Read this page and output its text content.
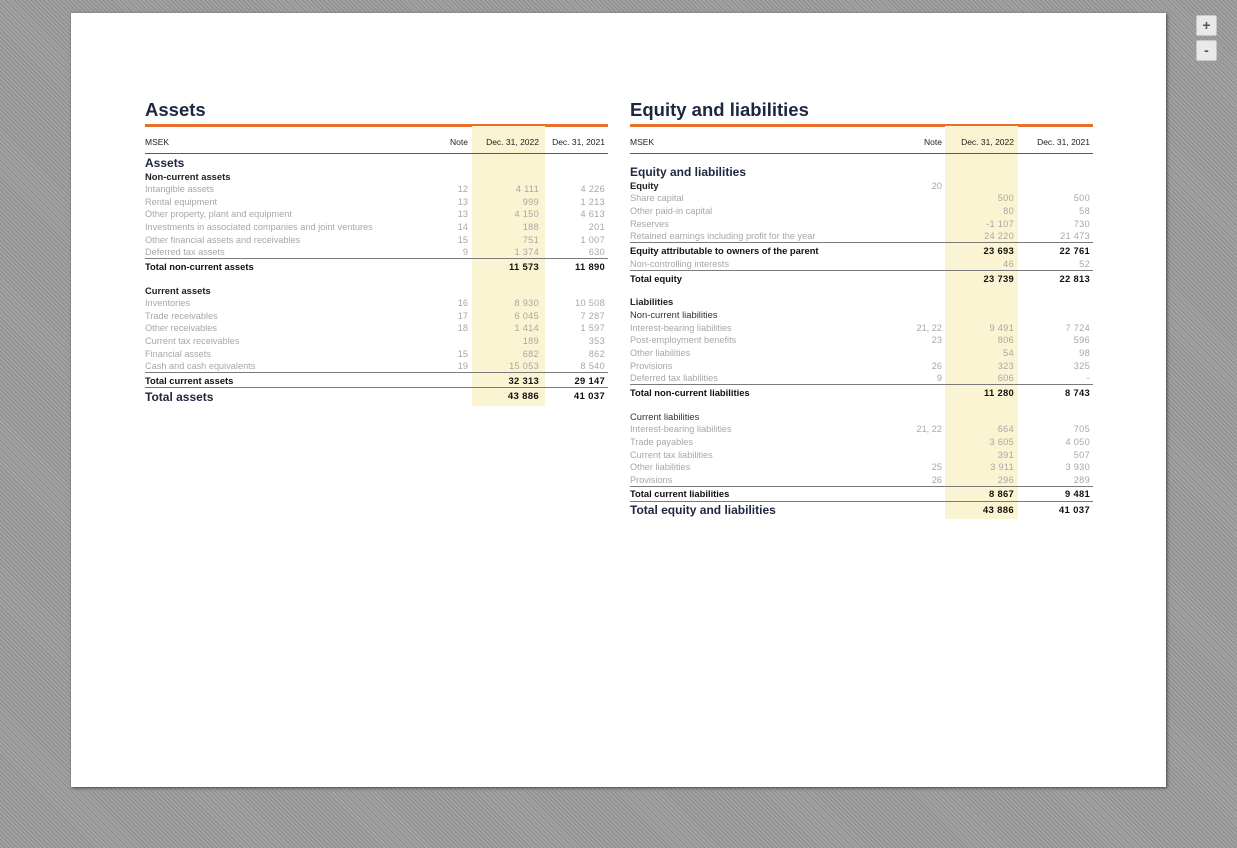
+
-
Assets
MSEK	Note	Dec. 31, 2022	Dec. 31, 2021
Assets			
Non-current assets			
Intangible assets	12	4 111	4 226
Rental equipment	13	999	1 213
Other property, plant and equipment	13	4 150	4 613
Investments in associated companies and joint ventures	14	188	201
Other financial assets and receivables	15	751	1 007
Deferred tax assets	9	1 374	630
Total non-current assets		11 573	11 890

Current assets			
Inventories	16	8 930	10 508
Trade receivables	17	6 045	7 287
Other receivables	18	1 414	1 597
Current tax receivables		189	353
Financial assets	15	682	862
Cash and cash equivalents	19	15 053	8 540
Total current assets		32 313	29 147
Total assets		43 886	41 037
Equity and liabilities
MSEK	Note	Dec. 31, 2022	Dec. 31, 2021

Equity and liabilities			
Equity	20		
Share capital		500	500
Other paid-in capital		80	58
Reserves		-1 107	730
Retained earnings including profit for the year		24 220	21 473
Equity attributable to owners of the parent		23 693	22 761
Non-controlling interests		46	52
Total equity		23 739	22 813

Liabilities			
Non-current liabilities			
Interest-bearing liabilities	21, 22	9 491	7 724
Post-employment benefits	23	806	596
Other liabilities		54	98
Provisions	26	323	325
Deferred tax liabilities	9	606	-
Total non-current liabilities		11 280	8 743

Current liabilities			
Interest-bearing liabilities	21, 22	664	705
Trade payables		3 605	4 050
Current tax liabilities		391	507
Other liabilities	25	3 911	3 930
Provisions	26	296	289
Total current liabilities		8 867	9 481
Total equity and liabilities		43 886	41 037
